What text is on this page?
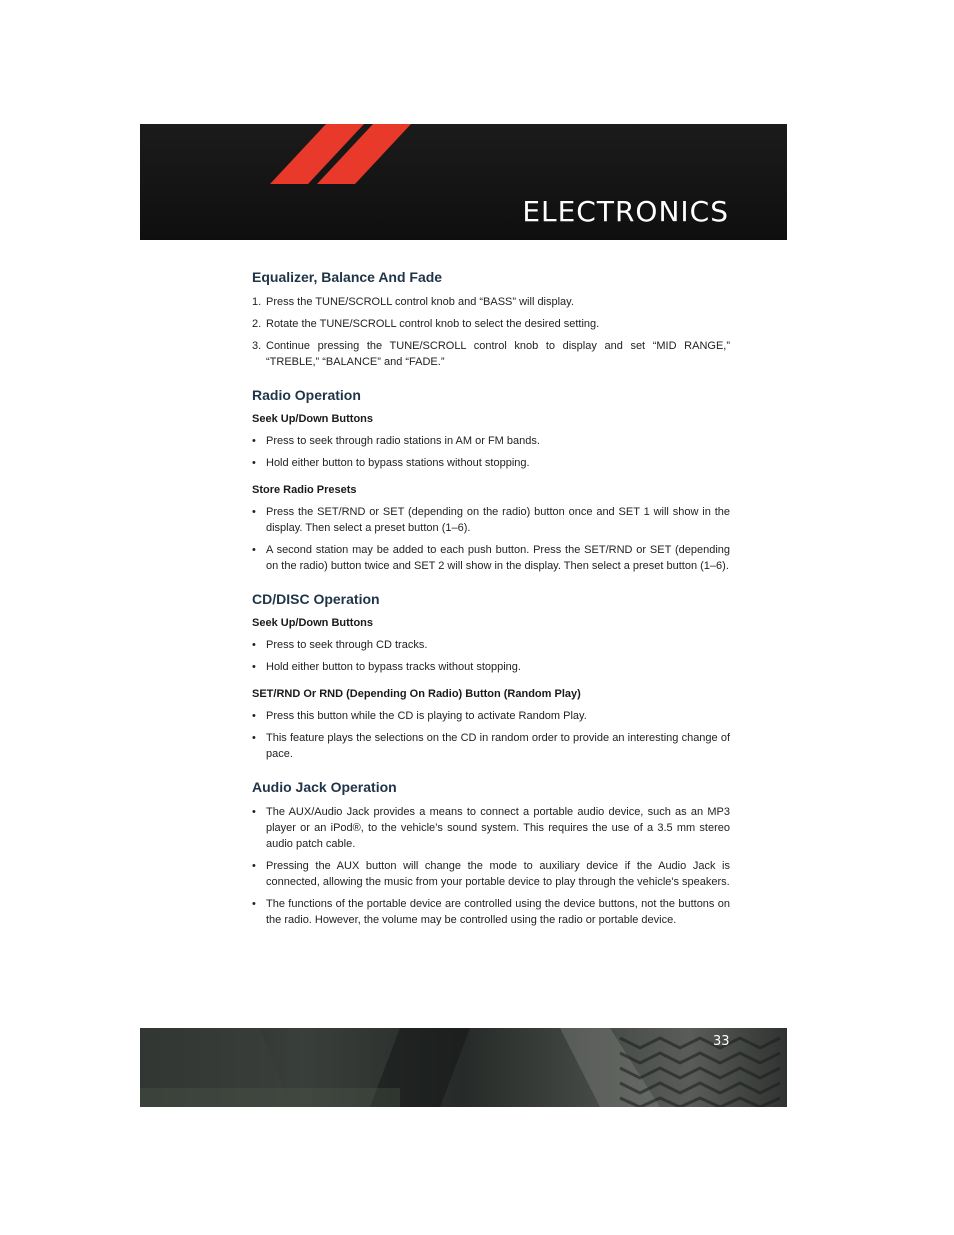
ELECTRONICS
Equalizer, Balance And Fade
1. Press the TUNE/SCROLL control knob and “BASS” will display.
2. Rotate the TUNE/SCROLL control knob to select the desired setting.
3. Continue pressing the TUNE/SCROLL control knob to display and set “MID RANGE,” “TREBLE,” “BALANCE” and “FADE.”
Radio Operation
Seek Up/Down Buttons
• Press to seek through radio stations in AM or FM bands.
• Hold either button to bypass stations without stopping.
Store Radio Presets
• Press the SET/RND or SET (depending on the radio) button once and SET 1 will show in the display. Then select a preset button (1–6).
• A second station may be added to each push button. Press the SET/RND or SET (depending on the radio) button twice and SET 2 will show in the display. Then select a preset button (1–6).
CD/DISC Operation
Seek Up/Down Buttons
• Press to seek through CD tracks.
• Hold either button to bypass tracks without stopping.
SET/RND Or RND (Depending On Radio) Button (Random Play)
• Press this button while the CD is playing to activate Random Play.
• This feature plays the selections on the CD in random order to provide an interesting change of pace.
Audio Jack Operation
• The AUX/Audio Jack provides a means to connect a portable audio device, such as an MP3 player or an iPod®, to the vehicle’s sound system. This requires the use of a 3.5 mm stereo audio patch cable.
• Pressing the AUX button will change the mode to auxiliary device if the Audio Jack is connected, allowing the music from your portable device to play through the vehicle's speakers.
• The functions of the portable device are controlled using the device buttons, not the buttons on the radio. However, the volume may be controlled using the radio or portable device.
33
